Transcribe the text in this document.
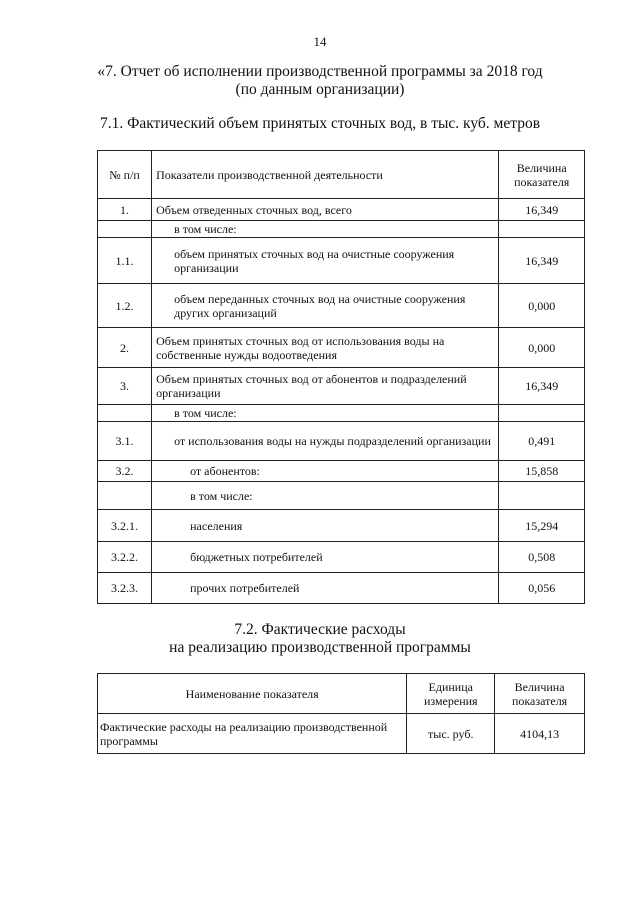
14
«7. Отчет об исполнении производственной программы за 2018 год
(по данным организации)
7.1. Фактический объем принятых сточных вод, в тыс. куб. метров
№ п/п	Показатели производственной деятельности	Величина показателя
1.	Объем отведенных сточных вод, всего	16,349
	в том числе:	
1.1.	объем принятых сточных вод на очистные сооружения организации	16,349
1.2.	объем переданных сточных вод на очистные сооружения других организаций	0,000
2.	Объем принятых сточных вод от использования воды на собственные нужды водоотведения	0,000
3.	Объем принятых сточных вод от абонентов и подразделений организации	16,349
	в том числе:	
3.1.	от использования воды на нужды подразделений организации	0,491
3.2.	от абонентов:	15,858
	в том числе:	
3.2.1.	населения	15,294
3.2.2.	бюджетных потребителей	0,508
3.2.3.	прочих потребителей	0,056
7.2. Фактические расходы
на реализацию производственной программы
Наименование показателя	Единица измерения	Величина показателя
Фактические расходы на реализацию производственной программы	тыс. руб.	4104,13
